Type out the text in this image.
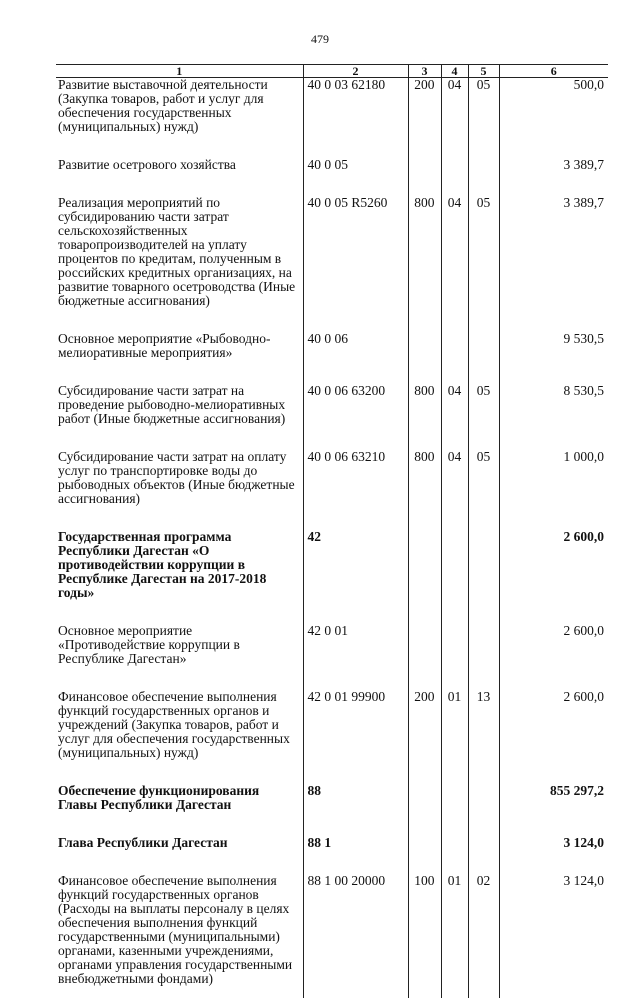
479
1	2	3	4	5	6
Развитие выставочной деятельности (Закупка товаров, работ и услуг для обеспечения государственных (муниципальных) нужд)	40 0 03 62180	200	04	05	500,0

Развитие осетрового хозяйства	40 0 05				3 389,7

Реализация мероприятий по субсидированию части затрат сельскохозяйственных товаропроизводителей на уплату процентов по кредитам, полученным в российских кредитных организациях, на развитие товарного осетроводства (Иные бюджетные ассигнования)	40 0 05 R5260	800	04	05	3 389,7

Основное мероприятие «Рыбоводно-мелиоративные мероприятия»	40 0 06				9 530,5

Субсидирование части затрат на проведение рыбоводно-мелиоративных работ (Иные бюджетные ассигнования)	40 0 06 63200	800	04	05	8 530,5

Субсидирование части затрат на оплату услуг по транспортировке воды до рыбоводных объектов (Иные бюджетные ассигнования)	40 0 06 63210	800	04	05	1 000,0

Государственная программа Республики Дагестан «О противодействии коррупции в Республике Дагестан на 2017-2018 годы»	42				2 600,0

Основное мероприятие «Противодействие коррупции в Республике Дагестан»	42 0 01				2 600,0

Финансовое обеспечение выполнения функций государственных органов и учреждений (Закупка товаров, работ и услуг для обеспечения государственных (муниципальных) нужд)	42 0 01 99900	200	01	13	2 600,0

Обеспечение функционирования Главы Республики Дагестан	88				855 297,2

Глава Республики Дагестан	88 1				3 124,0

Финансовое обеспечение выполнения функций государственных органов (Расходы на выплаты персоналу в целях обеспечения выполнения функций государственными (муниципальными) органами, казенными учреждениями, органами управления государственными внебюджетными фондами)	88 1 00 20000	100	01	02	3 124,0
